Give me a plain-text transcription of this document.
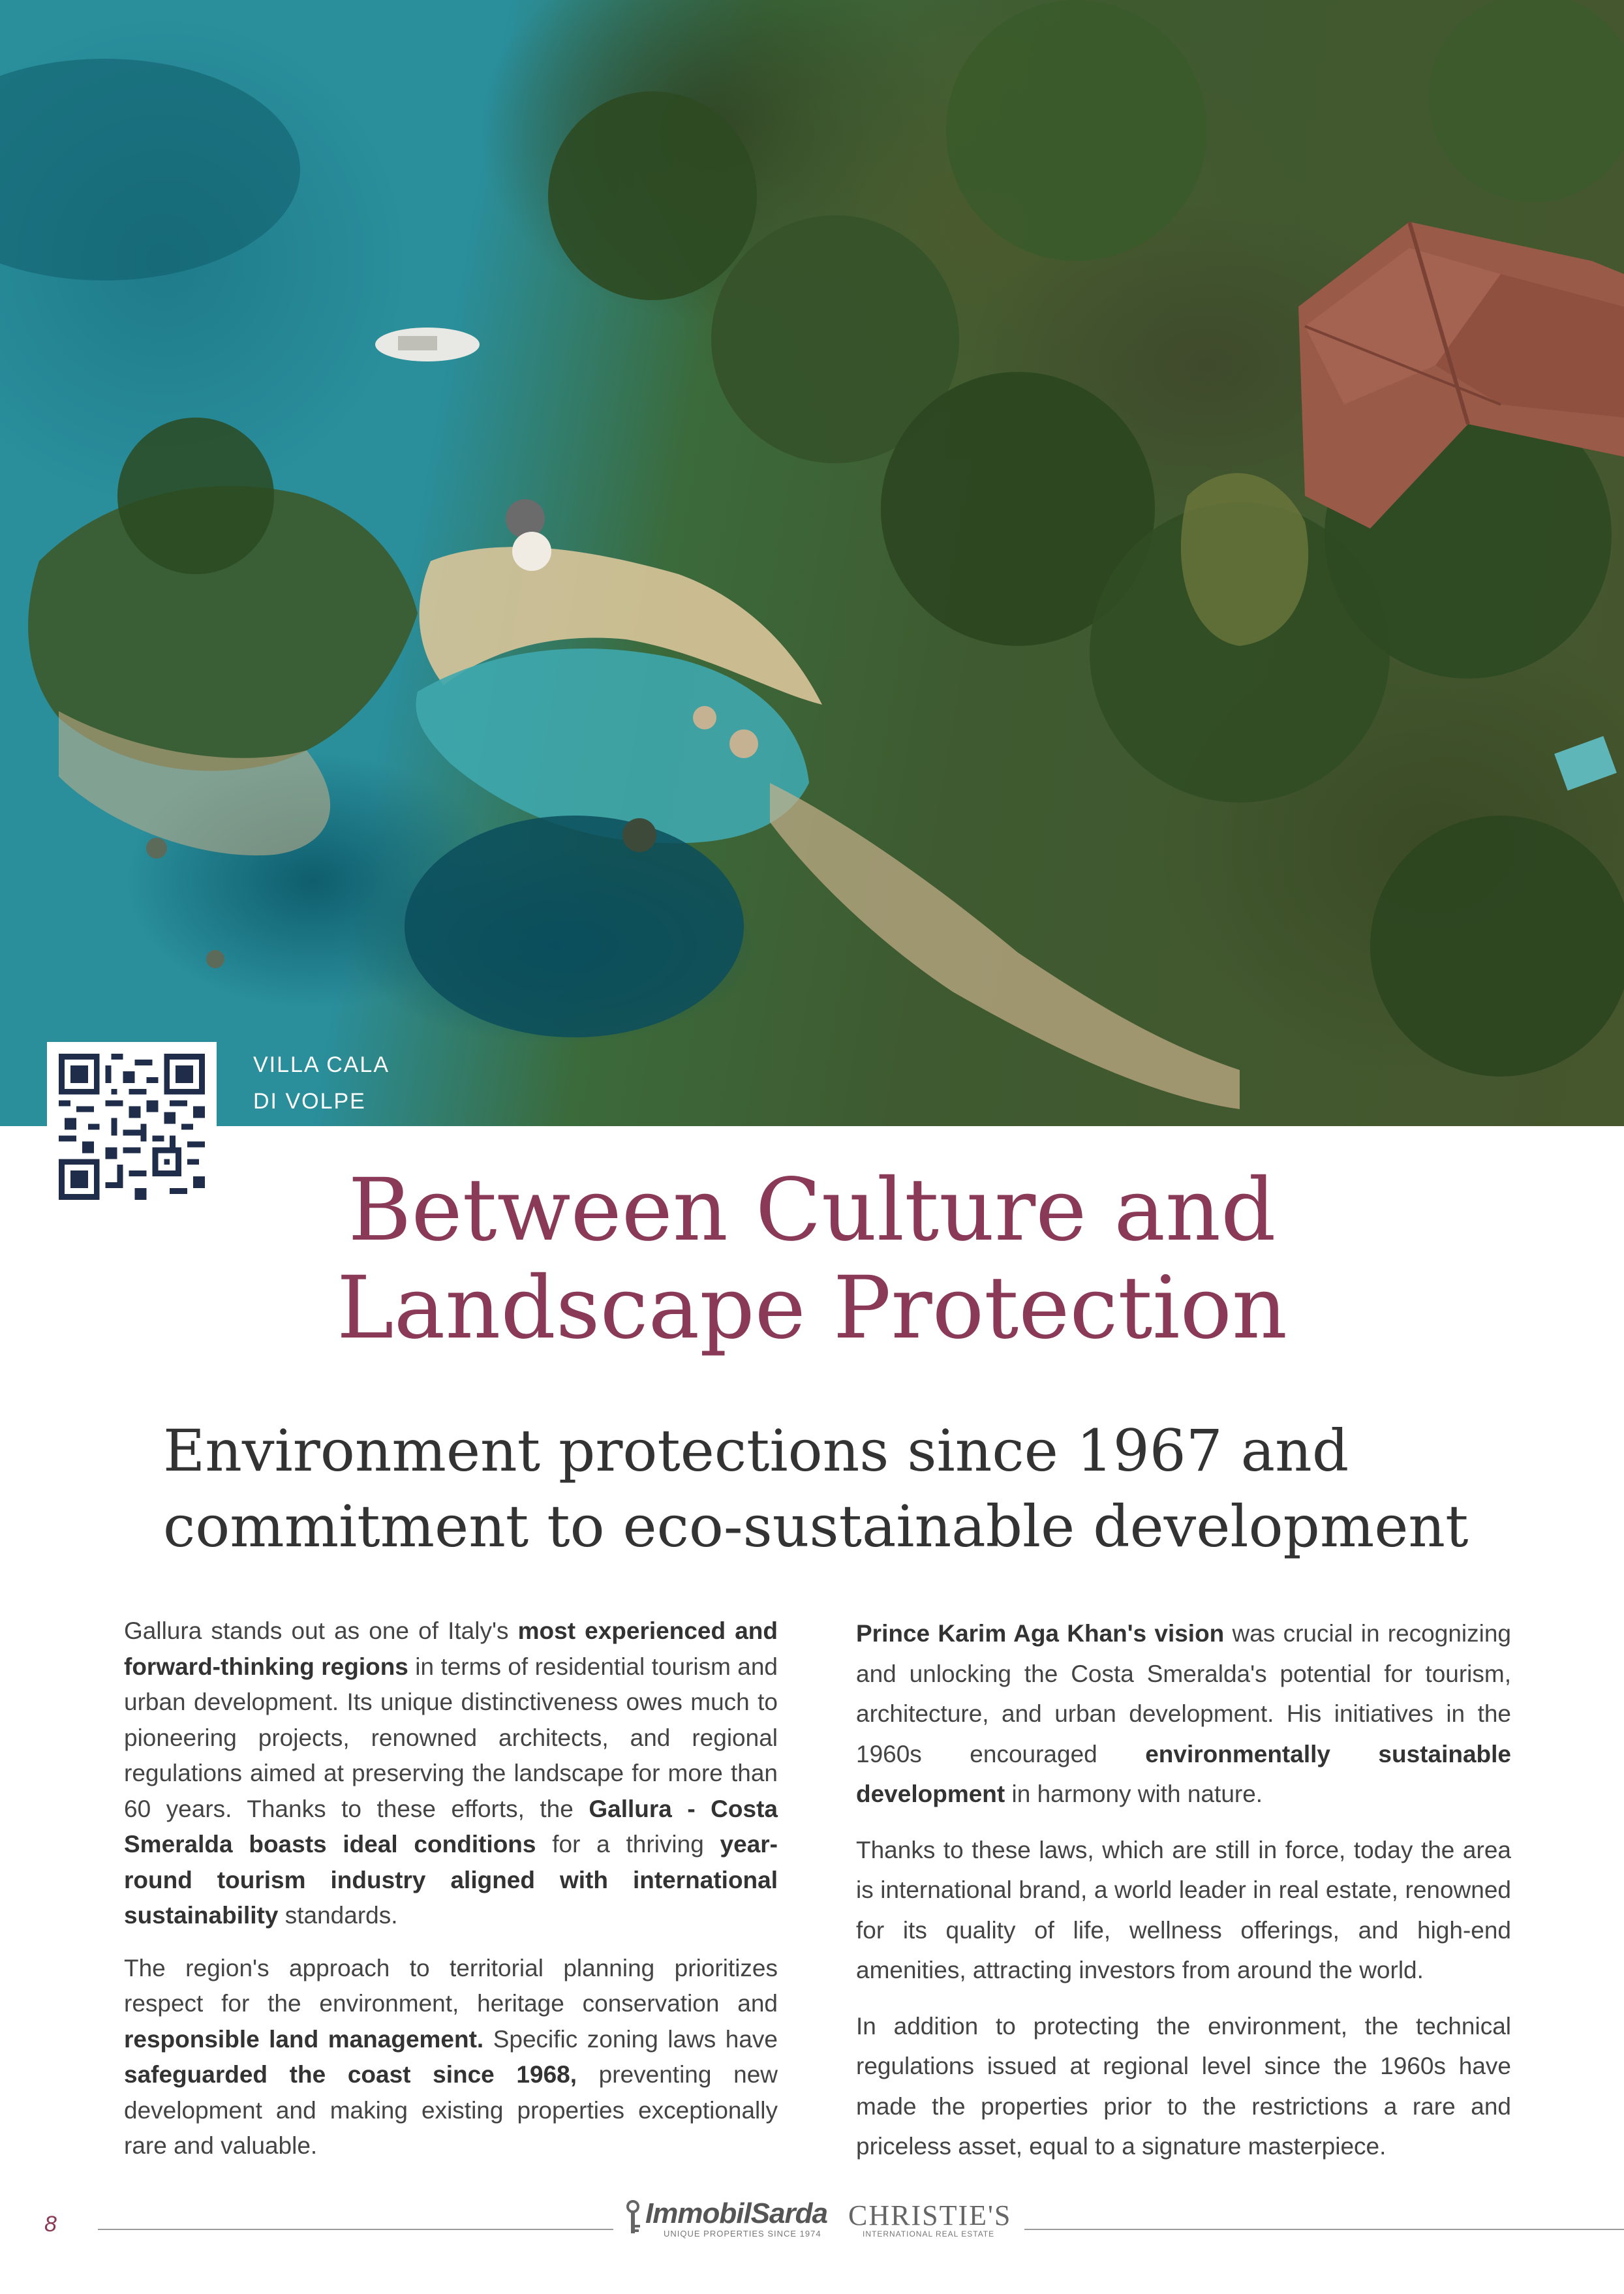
VILLA CALA
DI VOLPE
Between Culture and
Landscape Protection
Environment protections since 1967 and
commitment to eco-sustainable development

Gallura stands out as one of Italy's most experienced and forward-thinking regions in terms of residential tourism and urban development. Its unique distinctiveness owes much to pioneering projects, renowned architects, and regional regulations aimed at preserving the landscape for more than 60 years. Thanks to these efforts, the Gallura - Costa Smeralda boasts ideal conditions for a thriving year-round tourism industry aligned with international sustainability standards.

The region's approach to territorial planning prioritizes respect for the environment, heritage conservation and responsible land management. Specific zoning laws have safeguarded the coast since 1968, preventing new development and making existing properties exceptionally rare and valuable.

Prince Karim Aga Khan's vision was crucial in recognizing and unlocking the Costa Smeralda's potential for tourism, architecture, and urban development. His initiatives in the 1960s encouraged environmentally sustainable development in harmony with nature.

Thanks to these laws, which are still in force, today the area is international brand, a world leader in real estate, renowned for its quality of life, wellness offerings, and high-end amenities, attracting investors from around the world.

In addition to protecting the environment, the technical regulations issued at regional level since the 1960s have made the properties prior to the restrictions a rare and priceless asset, equal to a signature masterpiece.

8	ImmobilSarda
UNIQUE PROPERTIES SINCE 1974
CHRISTIE'S
INTERNATIONAL REAL ESTATE
